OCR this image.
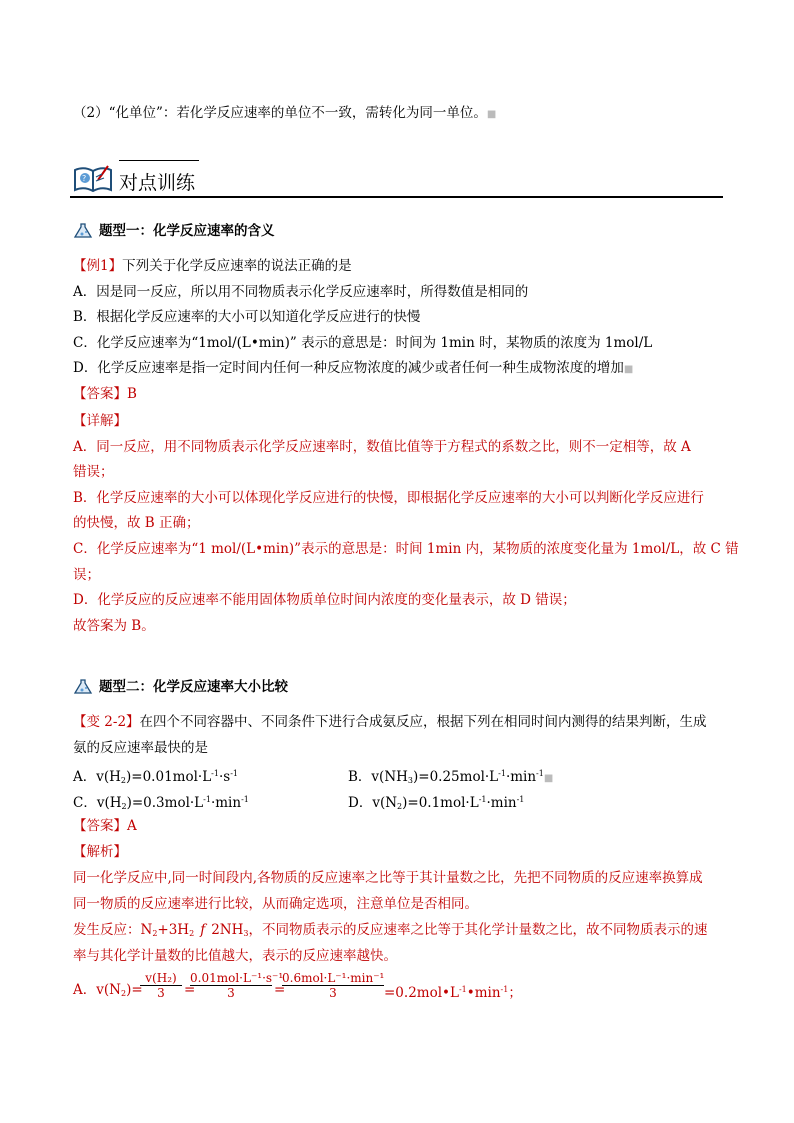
（2）“化单位”：若化学反应速率的单位不一致，需转化为同一单位。■
? 对点训练
题型一：化学反应速率的含义
【例1】下列关于化学反应速率的说法正确的是
A．因是同一反应，所以用不同物质表示化学反应速率时，所得数值是相同的
B．根据化学反应速率的大小可以知道化学反应进行的快慢
C．化学反应速率为“1mol/(L•min)” 表示的意思是：时间为 1min 时，某物质的浓度为 1mol/L
D．化学反应速率是指一定时间内任何一种反应物浓度的减少或者任何一种生成物浓度的增加■
【答案】B
【详解】
A．同一反应，用不同物质表示化学反应速率时，数值比值等于方程式的系数之比，则不一定相等，故 A
错误；
B．化学反应速率的大小可以体现化学反应进行的快慢，即根据化学反应速率的大小可以判断化学反应进行
的快慢，故 B 正确；
C．化学反应速率为“1 mol/(L•min)”表示的意思是：时间 1min 内，某物质的浓度变化量为 1mol/L，故 C 错
误；
D．化学反应的反应速率不能用固体物质单位时间内浓度的变化量表示，故 D 错误；
故答案为 B。
题型二：化学反应速率大小比较
【变 2-2】在四个不同容器中、不同条件下进行合成氨反应，根据下列在相同时间内测得的结果判断，生成
氨的反应速率最快的是
A．$v(H_2)=0.01mol\cdot L^{-1}\cdot s^{-1}$	B．$v(NH_3)=0.25mol\cdot L^{-1}\cdot\min^{-1}■$
C．$v(H_2)=0.3mol\cdot L^{-1}\cdot\min^{-1}$	D．$v(N_2)=0.1mol\cdot L^{-1}\cdot\min^{-1}$
【答案】A
【解析】
同一化学反应中,同一时间段内,各物质的反应速率之比等于其计量数之比，先把不同物质的反应速率换算成
同一物质的反应速率进行比较，从而确定选项，注意单位是否相同。
发生反应：$N_2+3H_2$ f $2NH_3$，不同物质表示的反应速率之比等于其化学计量数之比，故不同物质表示的速
率与其化学计量数的比值越大，表示的反应速率越快。
A．$v(N_2)=$
$\frac{\text{v(H₂)}}{3}$ =
0.01mol·L⁻¹·s⁻¹
3	=
0.6mol·L⁻¹·min⁻¹
3	$=0.2mol•L^{-1}•\min^{-1}$；
